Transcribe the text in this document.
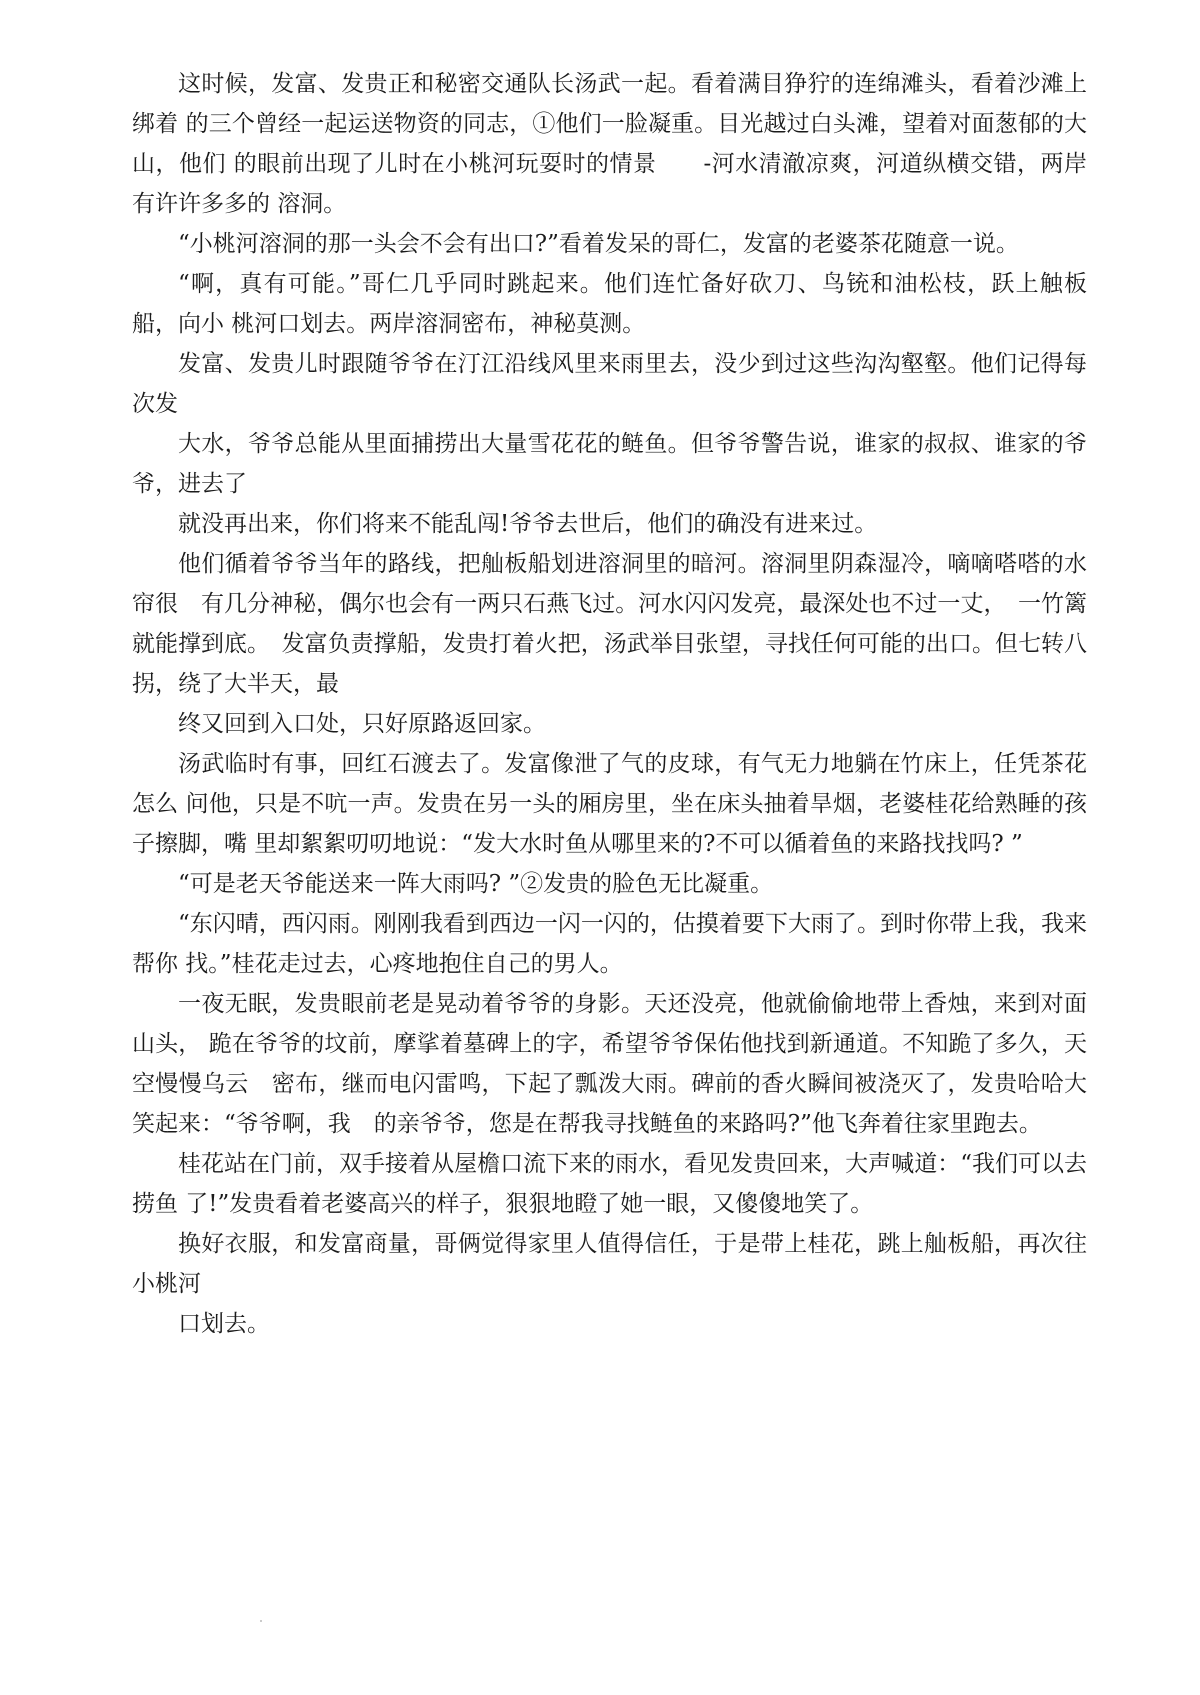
这时候，发富、发贵正和秘密交通队长汤武一起。看着满目狰狞的连绵滩头，看着沙滩上绑着 的三个曾经一起运送物资的同志，①他们一脸凝重。目光越过白头滩，望着对面葱郁的大山，他们 的眼前出现了儿时在小桃河玩耍时的情景　　-河水清澈凉爽，河道纵横交错，两岸有许许多多的 溶洞。

“小桃河溶洞的那一头会不会有出口?”看着发呆的哥仁，发富的老婆茶花随意一说。

“啊，真有可能。”哥仁几乎同时跳起来。他们连忙备好砍刀、鸟铳和油松枝，跃上触板船，向小 桃河口划去。两岸溶洞密布，神秘莫测。

发富、发贵儿时跟随爷爷在汀江沿线风里来雨里去，没少到过这些沟沟壑壑。他们记得每次发

大水，爷爷总能从里面捕捞出大量雪花花的鲢鱼。但爷爷警告说，谁家的叔叔、谁家的爷爷，进去了

就没再出来，你们将来不能乱闯!爷爷去世后，他们的确没有进来过。

他们循着爷爷当年的路线，把舢板船划进溶洞里的暗河。溶洞里阴森湿冷，嘀嘀嗒嗒的水帘很　有几分神秘，偶尔也会有一两只石燕飞过。河水闪闪发亮，最深处也不过一丈，　一竹篱就能撑到底。　发富负责撑船，发贵打着火把，汤武举目张望，寻找任何可能的出口。但七转八拐，绕了大半天，最

终又回到入口处，只好原路返回家。

汤武临时有事，回红石渡去了。发富像泄了气的皮球，有气无力地躺在竹床上，任凭茶花怎么 问他，只是不吭一声。发贵在另一头的厢房里，坐在床头抽着旱烟，老婆桂花给熟睡的孩子擦脚，嘴 里却絮絮叨叨地说：“发大水时鱼从哪里来的?不可以循着鱼的来路找找吗? ”

“可是老天爷能送来一阵大雨吗? ”②发贵的脸色无比凝重。

“东闪晴，西闪雨。刚刚我看到西边一闪一闪的，估摸着要下大雨了。到时你带上我，我来帮你 找。”桂花走过去，心疼地抱住自己的男人。

一夜无眠，发贵眼前老是晃动着爷爷的身影。天还没亮，他就偷偷地带上香烛，来到对面山头， 跪在爷爷的坟前，摩挲着墓碑上的字，希望爷爷保佑他找到新通道。不知跪了多久，天空慢慢乌云　密布，继而电闪雷鸣，下起了瓢泼大雨。碑前的香火瞬间被浇灭了，发贵哈哈大笑起来：“爷爷啊，我　的亲爷爷，您是在帮我寻找鲢鱼的来路吗?”他飞奔着往家里跑去。

桂花站在门前，双手接着从屋檐口流下来的雨水，看见发贵回来，大声喊道：“我们可以去捞鱼 了!”发贵看着老婆高兴的样子，狠狠地瞪了她一眼，又傻傻地笑了。

换好衣服，和发富商量，哥俩觉得家里人值得信任，于是带上桂花，跳上舢板船，再次往小桃河

口划去。
